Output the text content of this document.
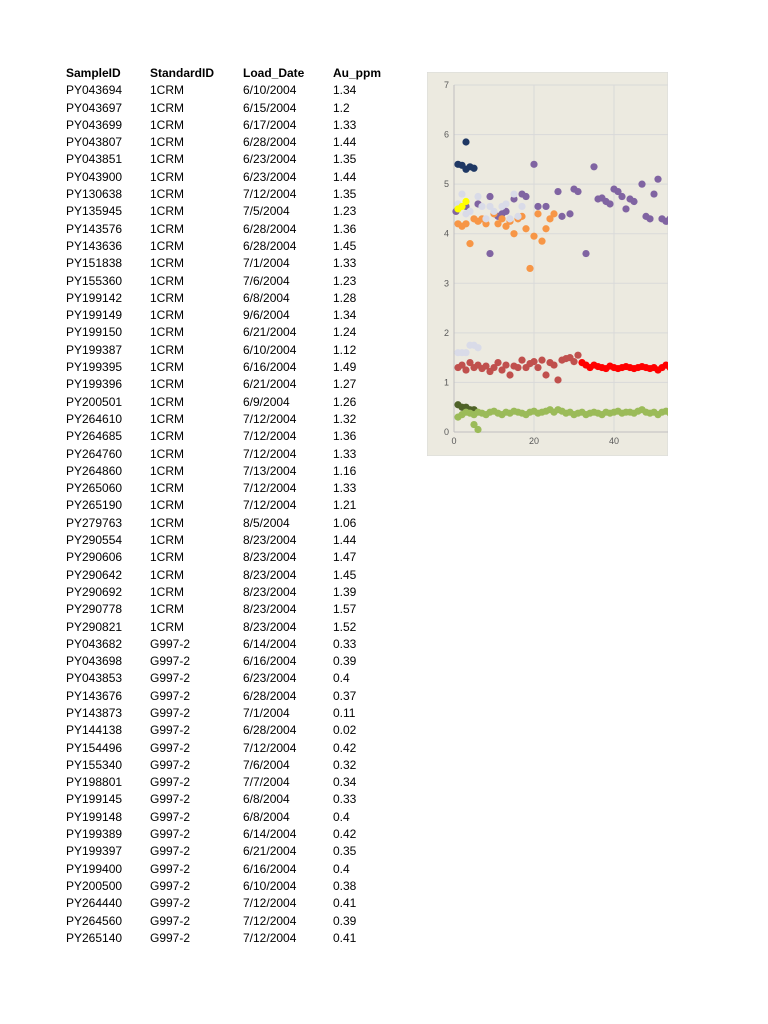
SampleID	StandardID	Load_Date	Au_ppm
PY043694	1CRM	6/10/2004	1.34
PY043697	1CRM	6/15/2004	1.2
PY043699	1CRM	6/17/2004	1.33
PY043807	1CRM	6/28/2004	1.44
PY043851	1CRM	6/23/2004	1.35
PY043900	1CRM	6/23/2004	1.44
PY130638	1CRM	7/12/2004	1.35
PY135945	1CRM	7/5/2004	1.23
PY143576	1CRM	6/28/2004	1.36
PY143636	1CRM	6/28/2004	1.45
PY151838	1CRM	7/1/2004	1.33
PY155360	1CRM	7/6/2004	1.23
PY199142	1CRM	6/8/2004	1.28
PY199149	1CRM	9/6/2004	1.34
PY199150	1CRM	6/21/2004	1.24
PY199387	1CRM	6/10/2004	1.12
PY199395	1CRM	6/16/2004	1.49
PY199396	1CRM	6/21/2004	1.27
PY200501	1CRM	6/9/2004	1.26
PY264610	1CRM	7/12/2004	1.32
PY264685	1CRM	7/12/2004	1.36
PY264760	1CRM	7/12/2004	1.33
PY264860	1CRM	7/13/2004	1.16
PY265060	1CRM	7/12/2004	1.33
PY265190	1CRM	7/12/2004	1.21
PY279763	1CRM	8/5/2004	1.06
PY290554	1CRM	8/23/2004	1.44
PY290606	1CRM	8/23/2004	1.47
PY290642	1CRM	8/23/2004	1.45
PY290692	1CRM	8/23/2004	1.39
PY290778	1CRM	8/23/2004	1.57
PY290821	1CRM	8/23/2004	1.52
PY043682	G997-2	6/14/2004	0.33
PY043698	G997-2	6/16/2004	0.39
PY043853	G997-2	6/23/2004	0.4
PY143676	G997-2	6/28/2004	0.37
PY143873	G997-2	7/1/2004	0.11
PY144138	G997-2	6/28/2004	0.02
PY154496	G997-2	7/12/2004	0.42
PY155340	G997-2	7/6/2004	0.32
PY198801	G997-2	7/7/2004	0.34
PY199145	G997-2	6/8/2004	0.33
PY199148	G997-2	6/8/2004	0.4
PY199389	G997-2	6/14/2004	0.42
PY199397	G997-2	6/21/2004	0.35
PY199400	G997-2	6/16/2004	0.4
PY200500	G997-2	6/10/2004	0.38
PY264440	G997-2	7/12/2004	0.41
PY264560	G997-2	7/12/2004	0.39
PY265140	G997-2	7/12/2004	0.41
0
1
2
3
4
5
6
7
0	20	40
